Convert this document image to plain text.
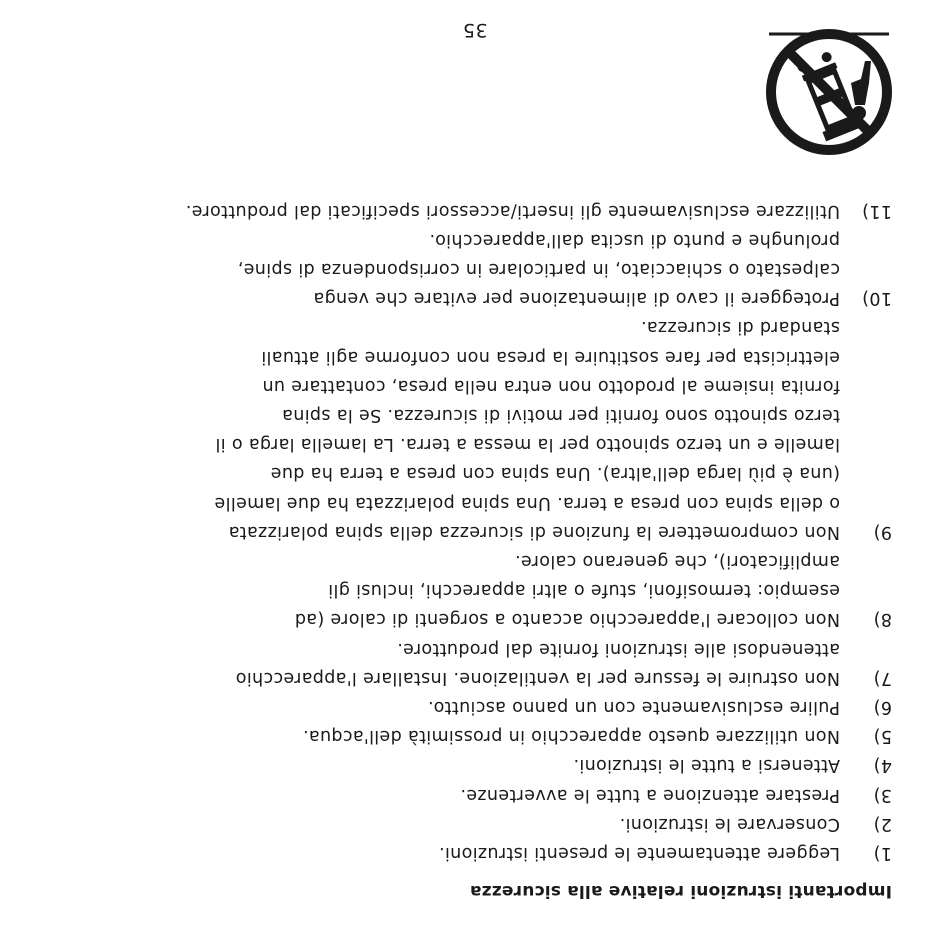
Importanti istruzioni relative alla sicurezza
1)
Leggere attentamente le presenti istruzioni.
2)
Conservare le istruzioni.
3)
Prestare attenzione a tutte le avvertenze.
4)
Attenersi a tutte le istruzioni.
5)
Non utilizzare questo apparecchio in prossimità dell'acqua.
6)
Pulire esclusivamente con un panno asciutto.
7)
Non ostruire le fessure per la ventilazione. Installare l'apparecchio
attenendosi alle istruzioni fornite dal produttore.
8)
Non collocare l'apparecchio accanto a sorgenti di calore (ad
esempio: termosifoni, stufe o altri apparecchi, inclusi gli
amplificatori), che generano calore.
9)
Non compromettere la funzione di sicurezza della spina polarizzata
o della spina con presa a terra. Una spina polarizzata ha due lamelle
(una è più larga dell'altra). Una spina con presa a terra ha due
lamelle e un terzo spinotto per la messa a terra. La lamella larga o il
terzo spinotto sono forniti per motivi di sicurezza. Se la spina
fornita insieme al prodotto non entra nella presa, contattare un
elettricista per fare sostituire la presa non conforme agli attuali
standard di sicurezza.
10)
Proteggere il cavo di alimentazione per evitare che venga
calpestato o schiacciato, in particolare in corrispondenza di spine,
prolunghe e punto di uscita dall'apparecchio.
11)
Utilizzare esclusivamente gli inserti/accessori specificati dal produttore.
35
